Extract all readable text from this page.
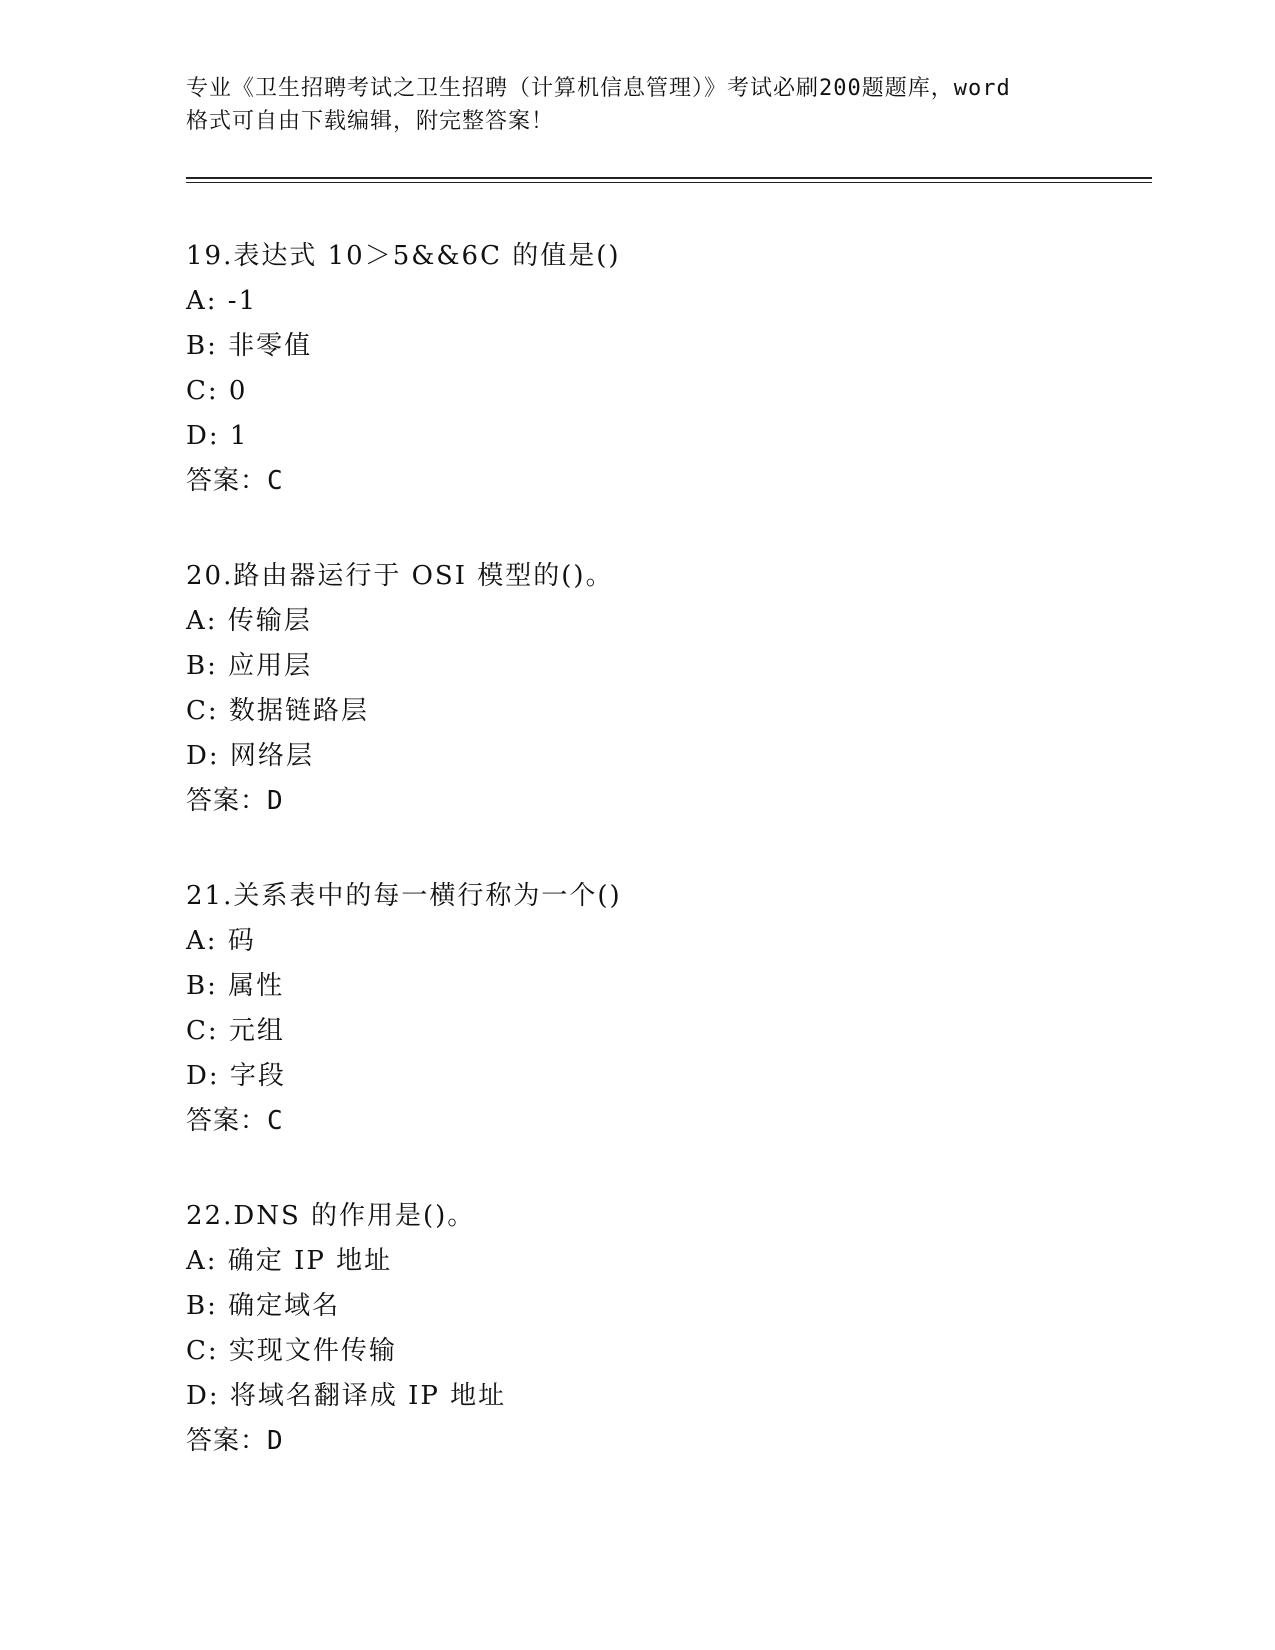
专业《卫生招聘考试之卫生招聘（计算机信息管理）》考试必刷200题题库，word
格式可自由下载编辑，附完整答案！
19.表达式 10＞5&&6C 的值是()
A: -1
B: 非零值
C: 0
D: 1
答案：C
20.路由器运行于 OSI 模型的()。
A: 传输层
B: 应用层
C: 数据链路层
D: 网络层
答案：D
21.关系表中的每一横行称为一个()
A: 码
B: 属性
C: 元组
D: 字段
答案：C
22.DNS 的作用是()。
A: 确定 IP 地址
B: 确定域名
C: 实现文件传输
D: 将域名翻译成 IP 地址
答案：D
